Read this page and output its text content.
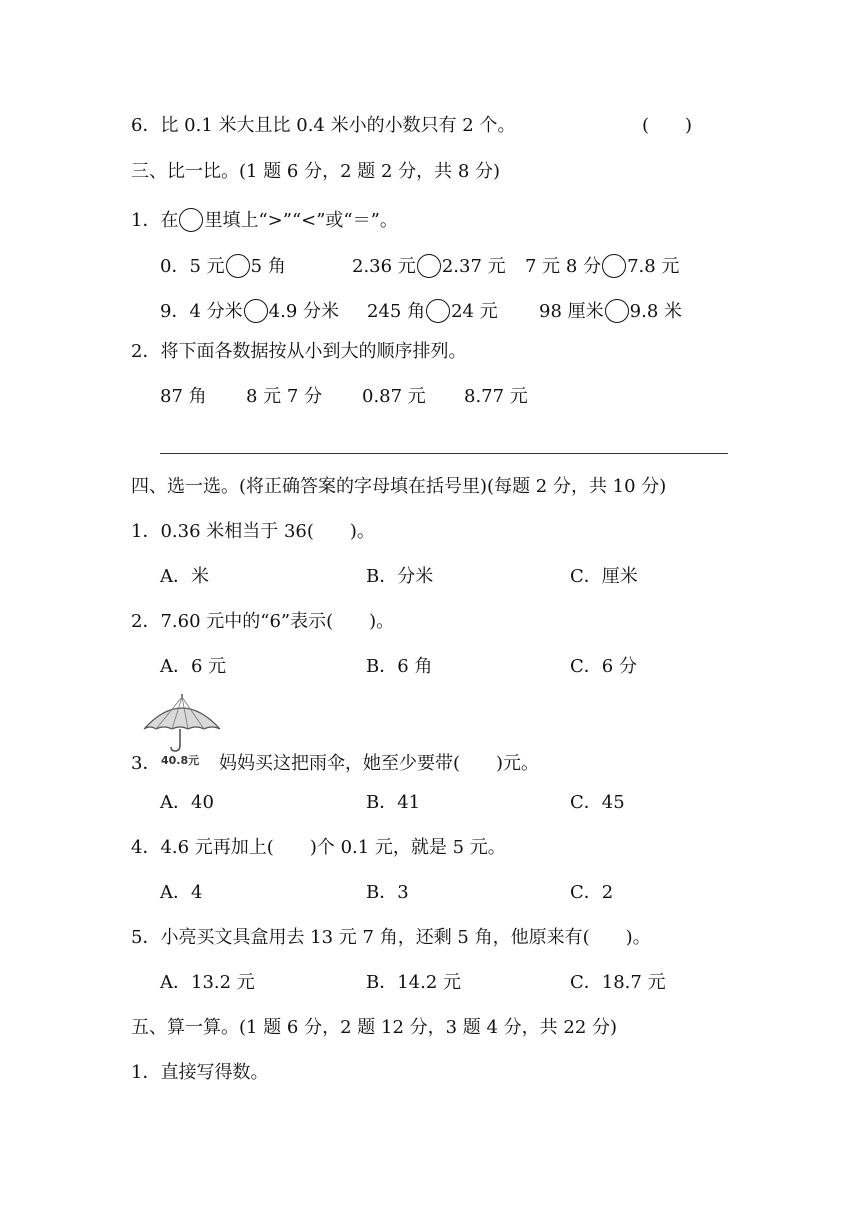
6．比 0.1 米大且比 0.4 米小的小数只有 2 个。	(　　)
三、比一比。(1 题 6 分，2 题 2 分，共 8 分)
1．在 里填上“>”“<”或“＝”。
0．5 元 5 角	2.36 元 2.37 元 7 元 8 分 7.8 元
9．4 分米 4.9 分米 245 角 24 元 98 厘米 9.8 米
2．将下面各数据按从小到大的顺序排列。
87 角 8 元 7 分 0.87 元 8.77 元
四、选一选。(将正确答案的字母填在括号里)(每题 2 分，共 10 分)
1．0.36 米相当于 36(　　)。
A．米	B．分米	C．厘米
2．7.60 元中的“6”表示(　　)。
A．6 元	B．6 角	C．6 分
40.8元
3．	妈妈买这把雨伞，她至少要带(　　)元。
A．40	B．41	C．45
4．4.6 元再加上(　　)个 0.1 元，就是 5 元。
A．4	B．3	C．2
5．小亮买文具盒用去 13 元 7 角，还剩 5 角，他原来有(　　)。
A．13.2 元	B．14.2 元	C．18.7 元
五、算一算。(1 题 6 分，2 题 12 分，3 题 4 分，共 22 分)
1．直接写得数。
